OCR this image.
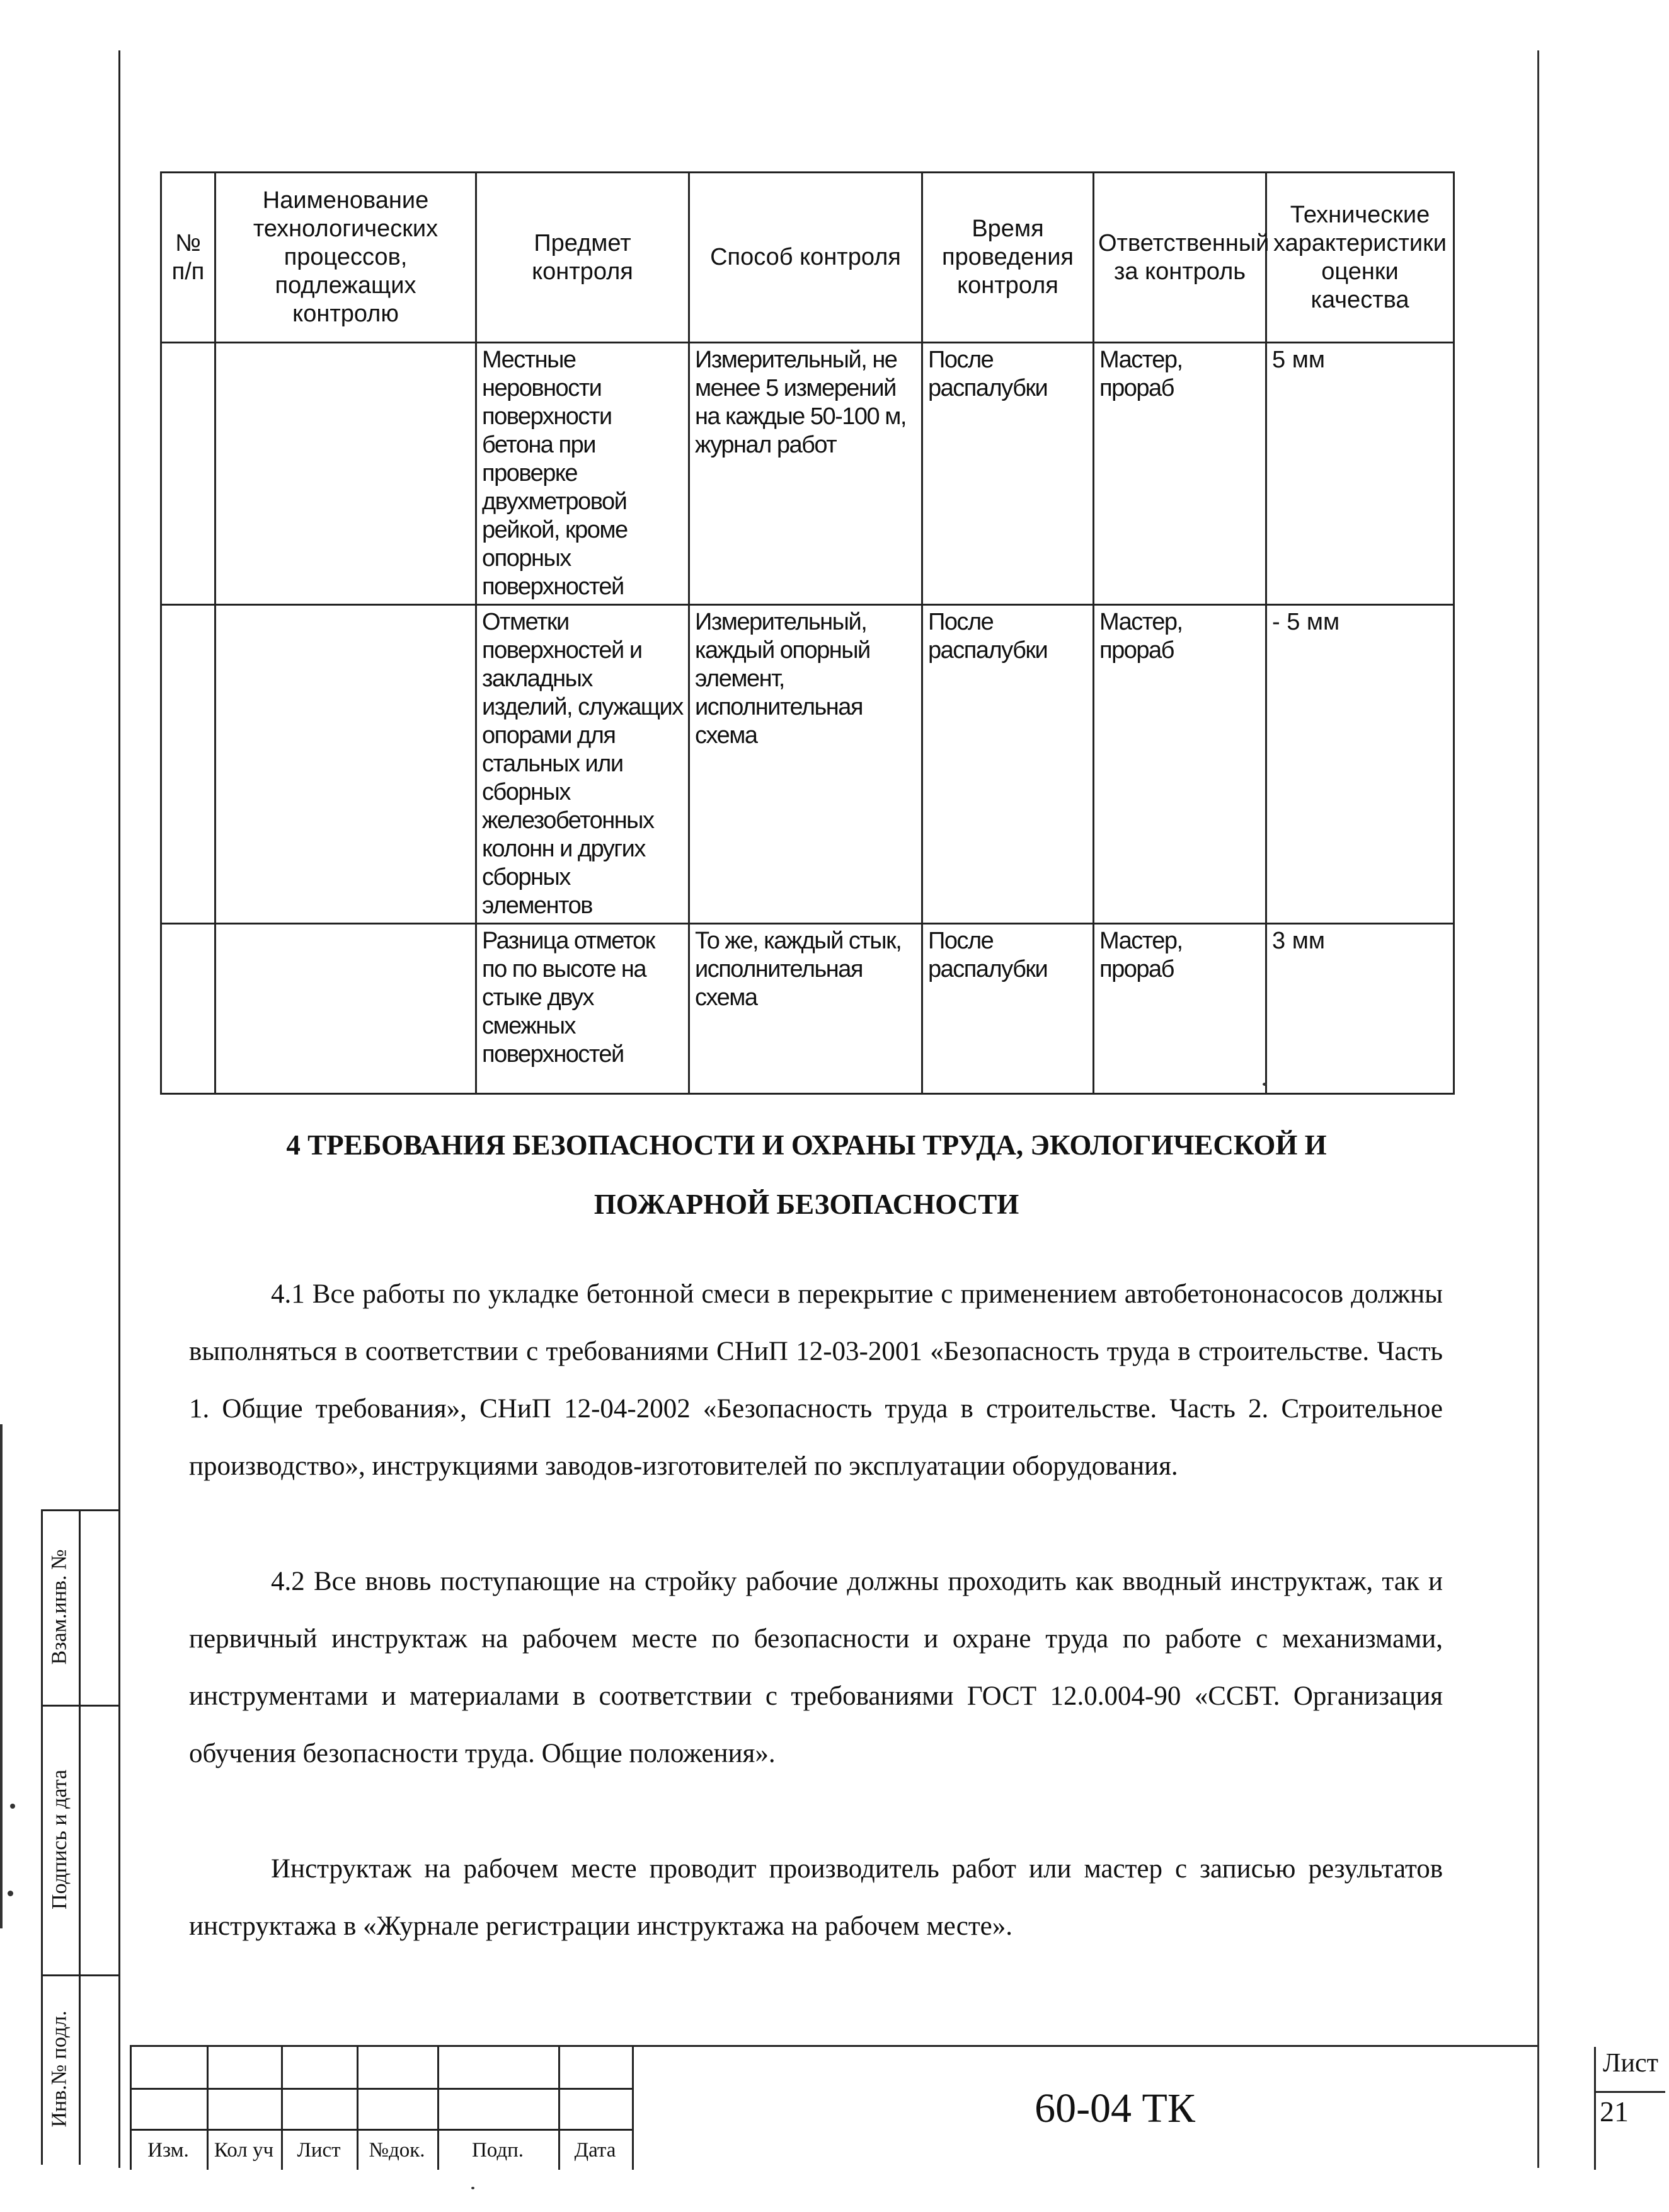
№ п/п	Наименование технологических процессов, подлежащих контролю	Предмет контроля	Способ контроля	Время проведения контроля	Ответственный за контроль	Технические характеристики оценки качества
		Местные неровности поверхности бетона при проверке двухметровой рейкой, кроме опорных поверхностей	Измерительный, не менее 5 измерений на каждые 50-100 м, журнал работ	После распалубки	Мастер, прораб	5 мм
		Отметки поверхностей и закладных изделий, служащих опорами для стальных или сборных железобетонных колонн и других сборных элементов	Измерительный, каждый опорный элемент, исполнительная схема	После распалубки	Мастер, прораб	- 5 мм
		Разница отметок по по высоте на стыке двух смежных поверхностей	То же, каждый стык, исполнительная схема	После распалубки	Мастер, прораб	3 мм
4 ТРЕБОВАНИЯ БЕЗОПАСНОСТИ И ОХРАНЫ ТРУДА, ЭКОЛОГИЧЕСКОЙ И
ПОЖАРНОЙ БЕЗОПАСНОСТИ

4.1 Все работы по укладке бетонной смеси в перекрытие с применением автобетононасосов должны выполняться в соответствии с требованиями СНиП 12-03-2001 «Безопасность труда в строительстве. Часть 1. Общие требования», СНиП 12-04-2002 «Безопасность труда в строительстве. Часть 2. Строительное производство», инструкциями заводов-изготовителей по эксплуатации оборудования.

4.2 Все вновь поступающие на стройку рабочие должны проходить как вводный инструктаж, так и первичный инструктаж на рабочем месте по безопасности и охране труда по работе с механизмами, инструментами и материалами в соответствии с требованиями ГОСТ 12.0.004-90 «ССБТ. Организация обучения безопасности труда. Общие положения».

Инструктаж на рабочем месте проводит производитель работ или мастер с записью результатов инструктажа в «Журнале регистрации инструктажа на рабочем месте».

Взам.инв. №
Подпись и дата
Инв.№ подл.
Изм.	Кол уч	Лист	№док.	Подп.	Дата
60-04 ТК
Лист
21
